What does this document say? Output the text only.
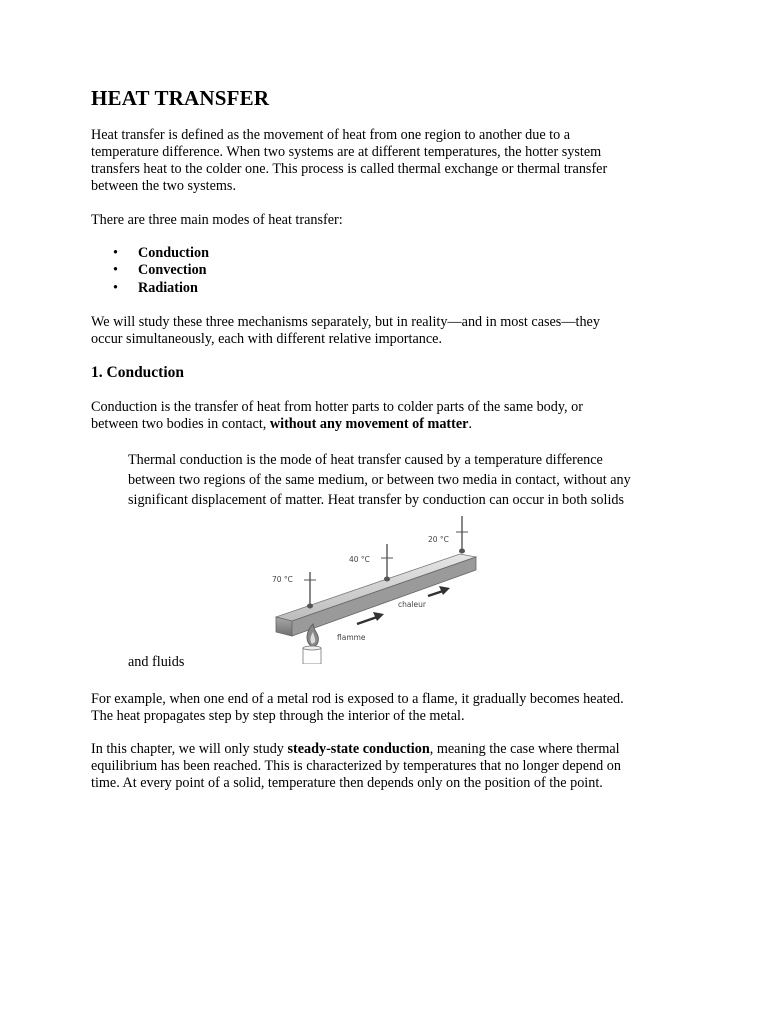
HEAT TRANSFER

Heat transfer is defined as the movement of heat from one region to another due to a
temperature difference. When two systems are at different temperatures, the hotter system
transfers heat to the colder one. This process is called thermal exchange or thermal transfer
between the two systems.

There are three main modes of heat transfer:

• Conduction
• Convection
• Radiation

We will study these three mechanisms separately, but in reality—and in most cases—they
occur simultaneously, each with different relative importance.

1. Conduction

Conduction is the transfer of heat from hotter parts to colder parts of the same body, or
between two bodies in contact, without any movement of matter.

Thermal conduction is the mode of heat transfer caused by a temperature difference
between two regions of the same medium, or between two media in contact, without any
significant displacement of matter. Heat transfer by conduction can occur in both solids

70 °C
40 °C
20 °C
chaleur
flamme

and fluids

For example, when one end of a metal rod is exposed to a flame, it gradually becomes heated.
The heat propagates step by step through the interior of the metal.

In this chapter, we will only study steady-state conduction, meaning the case where thermal
equilibrium has been reached. This is characterized by temperatures that no longer depend on
time. At every point of a solid, temperature then depends only on the position of the point.
